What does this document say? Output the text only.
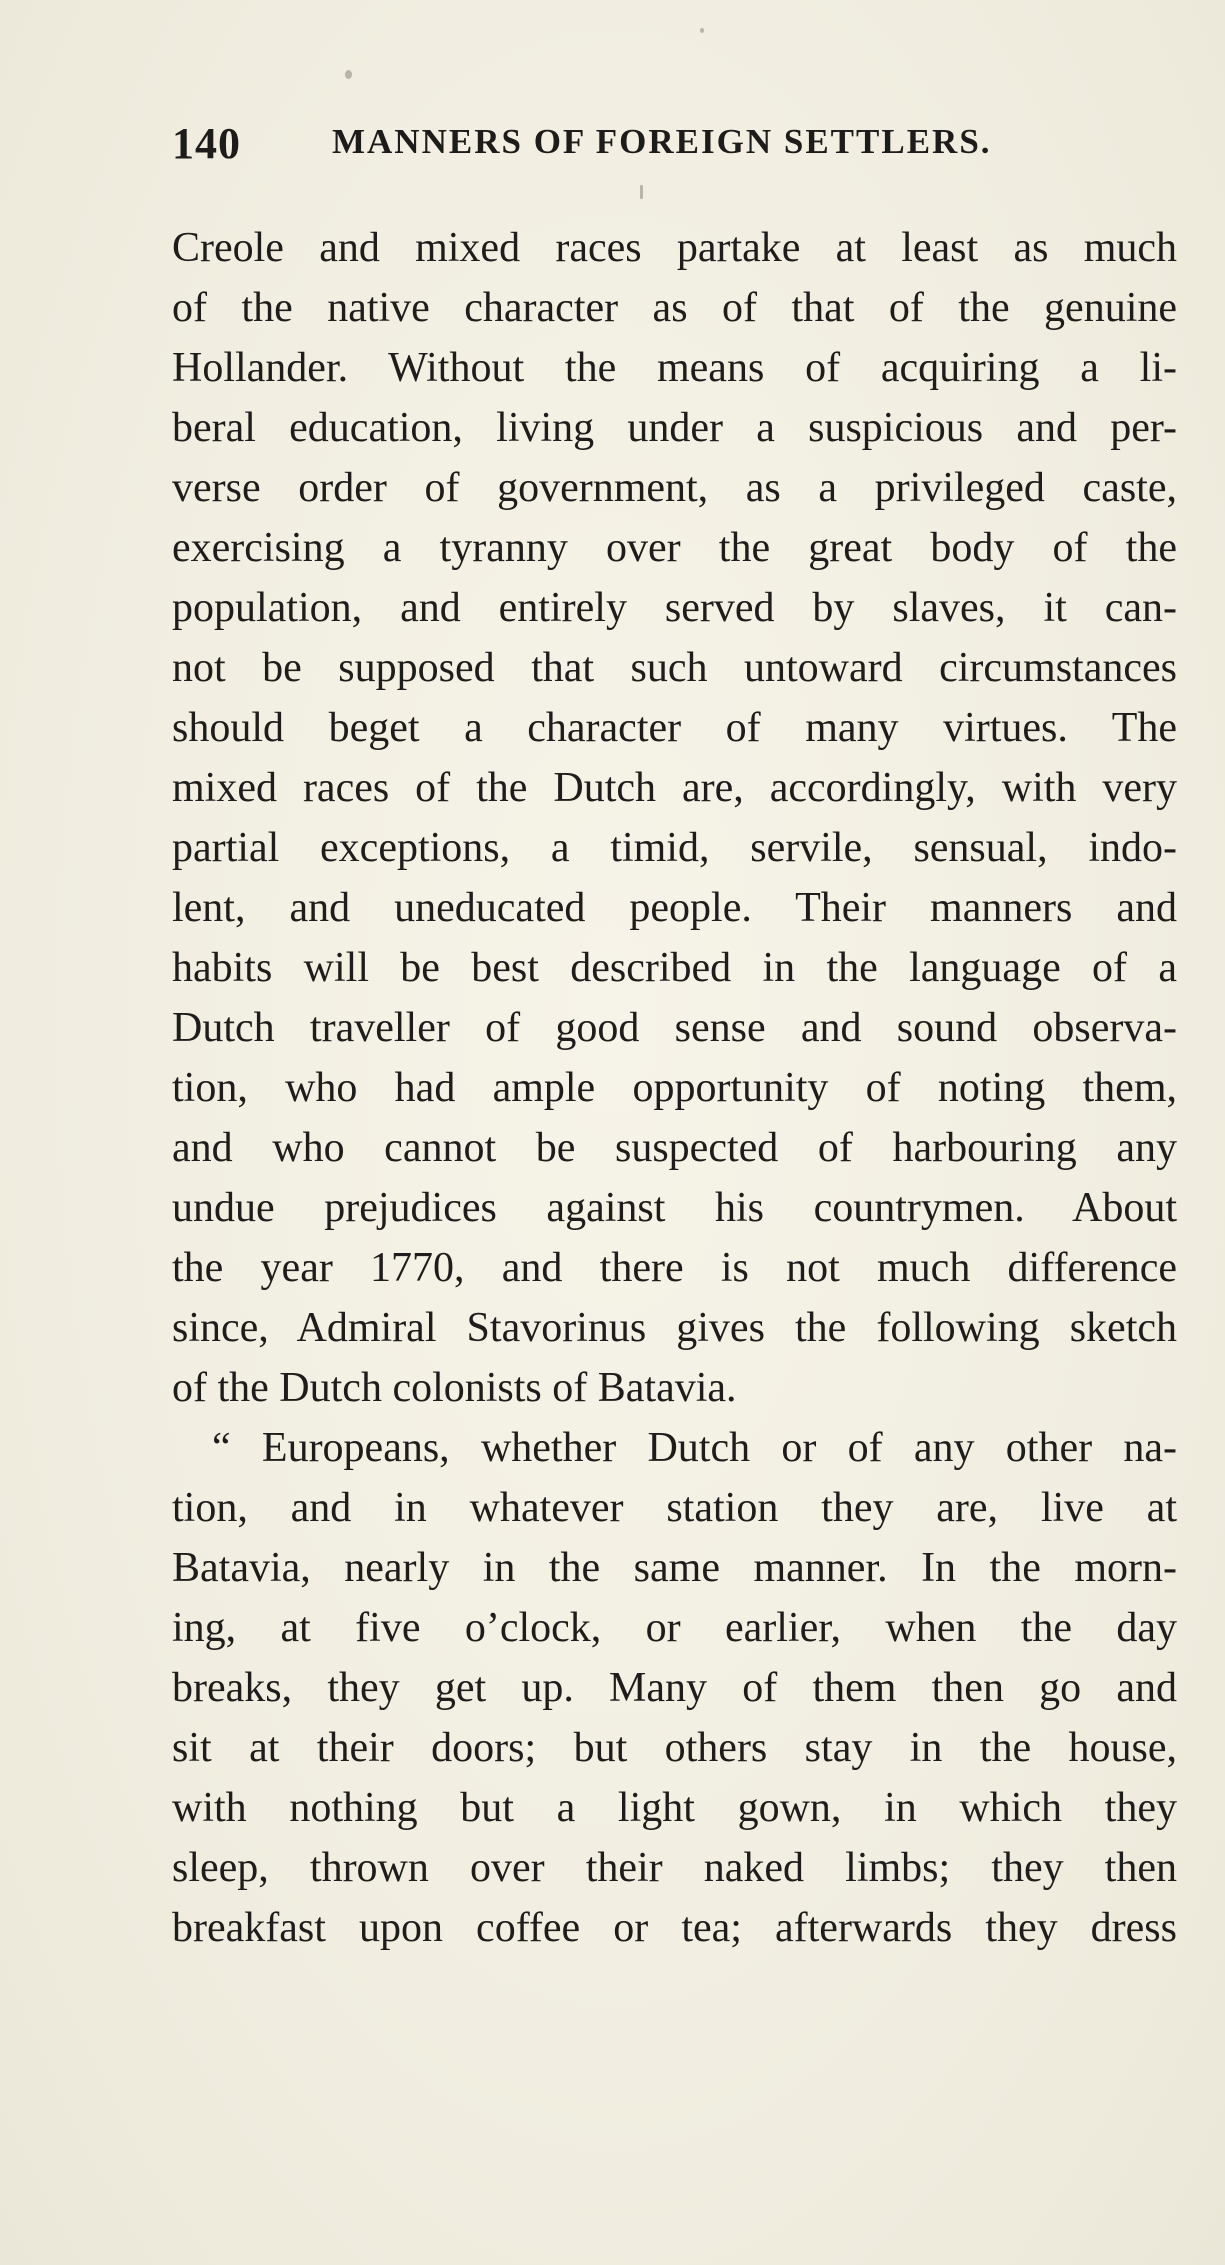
140	MANNERS OF FOREIGN SETTLERS.
Creole and mixed races partake at least as much
of the native character as of that of the genuine
Hollander. Without the means of acquiring a li-
beral education, living under a suspicious and per-
verse order of government, as a privileged caste,
exercising a tyranny over the great body of the
population, and entirely served by slaves, it can-
not be supposed that such untoward circumstances
should beget a character of many virtues. The
mixed races of the Dutch are, accordingly, with very
partial exceptions, a timid, servile, sensual, indo-
lent, and uneducated people. Their manners and
habits will be best described in the language of a
Dutch traveller of good sense and sound observa-
tion, who had ample opportunity of noting them,
and who cannot be suspected of harbouring any
undue prejudices against his countrymen. About
the year 1770, and there is not much difference
since, Admiral Stavorinus gives the following sketch
of the Dutch colonists of Batavia.
“ Europeans, whether Dutch or of any other na-
tion, and in whatever station they are, live at
Batavia, nearly in the same manner. In the morn-
ing, at five o’clock, or earlier, when the day
breaks, they get up. Many of them then go and
sit at their doors; but others stay in the house,
with nothing but a light gown, in which they
sleep, thrown over their naked limbs; they then
breakfast upon coffee or tea; afterwards they dress
